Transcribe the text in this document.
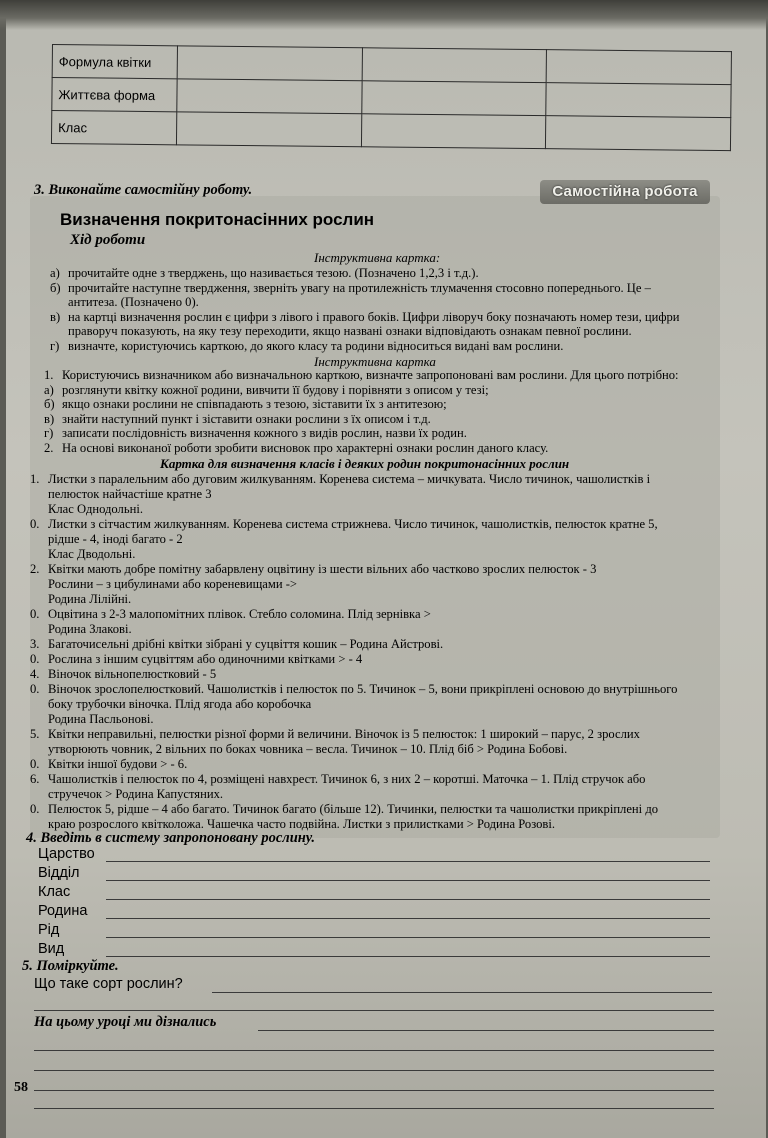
Формула квітки			
Життєва форма			
Клас			
3. Виконайте самостійну роботу.	Самостійна робота
Визначення покритонасінних рослин
Хід роботи
Інструктивна картка:
а) прочитайте одне з тверджень, що називається тезою. (Позначено 1,2,3 і т.д.).
б) прочитайте наступне твердження, зверніть увагу на протилежність тлумачення стосовно попереднього. Це –
антитеза. (Позначено 0).
в) на картці визначення рослин є цифри з лівого і правого боків. Цифри ліворуч боку позначають номер тези, цифри
праворуч показують, на яку тезу переходити, якщо названі ознаки відповідають ознакам певної рослини.
г) визначте, користуючись карткою, до якого класу та родини відноситься видані вам рослини.
Інструктивна картка
1. Користуючись визначником або визначальною карткою, визначте запропоновані вам рослини. Для цього потрібно:
а) розглянути квітку кожної родини, вивчити її будову і порівняти з описом у тезі;
б) якщо ознаки рослини не співпадають з тезою, зіставити їх з антитезою;
в) знайти наступний пункт і зіставити ознаки рослини з їх описом і т.д.
г) записати послідовність визначення кожного з видів рослин, назви їх родин.
2. На основі виконаної роботи зробити висновок про характерні ознаки рослин даного класу.
Картка для визначення класів і деяких родин покритонасінних рослин
1. Листки з паралельним або дуговим жилкуванням. Коренева система – мичкувата. Число тичинок, чашолистків і
пелюсток найчастіше кратне 3
Клас Однодольні.
0. Листки з сітчастим жилкуванням. Коренева система стрижнева. Число тичинок, чашолистків, пелюсток кратне 5,
рідше - 4, іноді багато - 2
Клас Дводольні.
2. Квітки мають добре помітну забарвлену оцвітину із шести вільних або частково зрослих пелюсток - 3
Рослини – з цибулинами або кореневищами ->
Родина Лілійні.
0. Оцвітина з 2-3 малопомітних плівок. Стебло соломина. Плід зернівка >
Родина Злакові.
3. Багаточисельні дрібні квітки зібрані у суцвіття кошик – Родина Айстрові.
0. Рослина з іншим суцвіттям або одиночними квітками > - 4
4. Віночок вільнопелюстковий - 5
0. Віночок зрослопелюстковий. Чашолистків і пелюсток по 5. Тичинок – 5, вони прикріплені основою до внутрішнього
боку трубочки віночка. Плід ягода або коробочка
Родина Пасльонові.
5. Квітки неправильні, пелюстки різної форми й величини. Віночок із 5 пелюсток: 1 широкий – парус, 2 зрослих
утворюють човник, 2 вільних по боках човника – весла. Тичинок – 10. Плід біб > Родина Бобові.
0. Квітки іншої будови > - 6.
6. Чашолистків і пелюсток по 4, розміщені навхрест. Тичинок 6, з них 2 – коротші. Маточка – 1. Плід стручок або
стручечок > Родина Капустяних.
0. Пелюсток 5, рідше – 4 або багато. Тичинок багато (більше 12). Тичинки, пелюстки та чашолистки прикріплені до
краю розрослого квітколожа. Чашечка часто подвійна. Листки з прилистками > Родина Розові.
4. Введіть в систему запропоновану рослину.
Царство
Відділ
Клас
Родина
Рід
Вид
5. Поміркуйте.
Що таке сорт рослин?
На цьому уроці ми дізнались
58
